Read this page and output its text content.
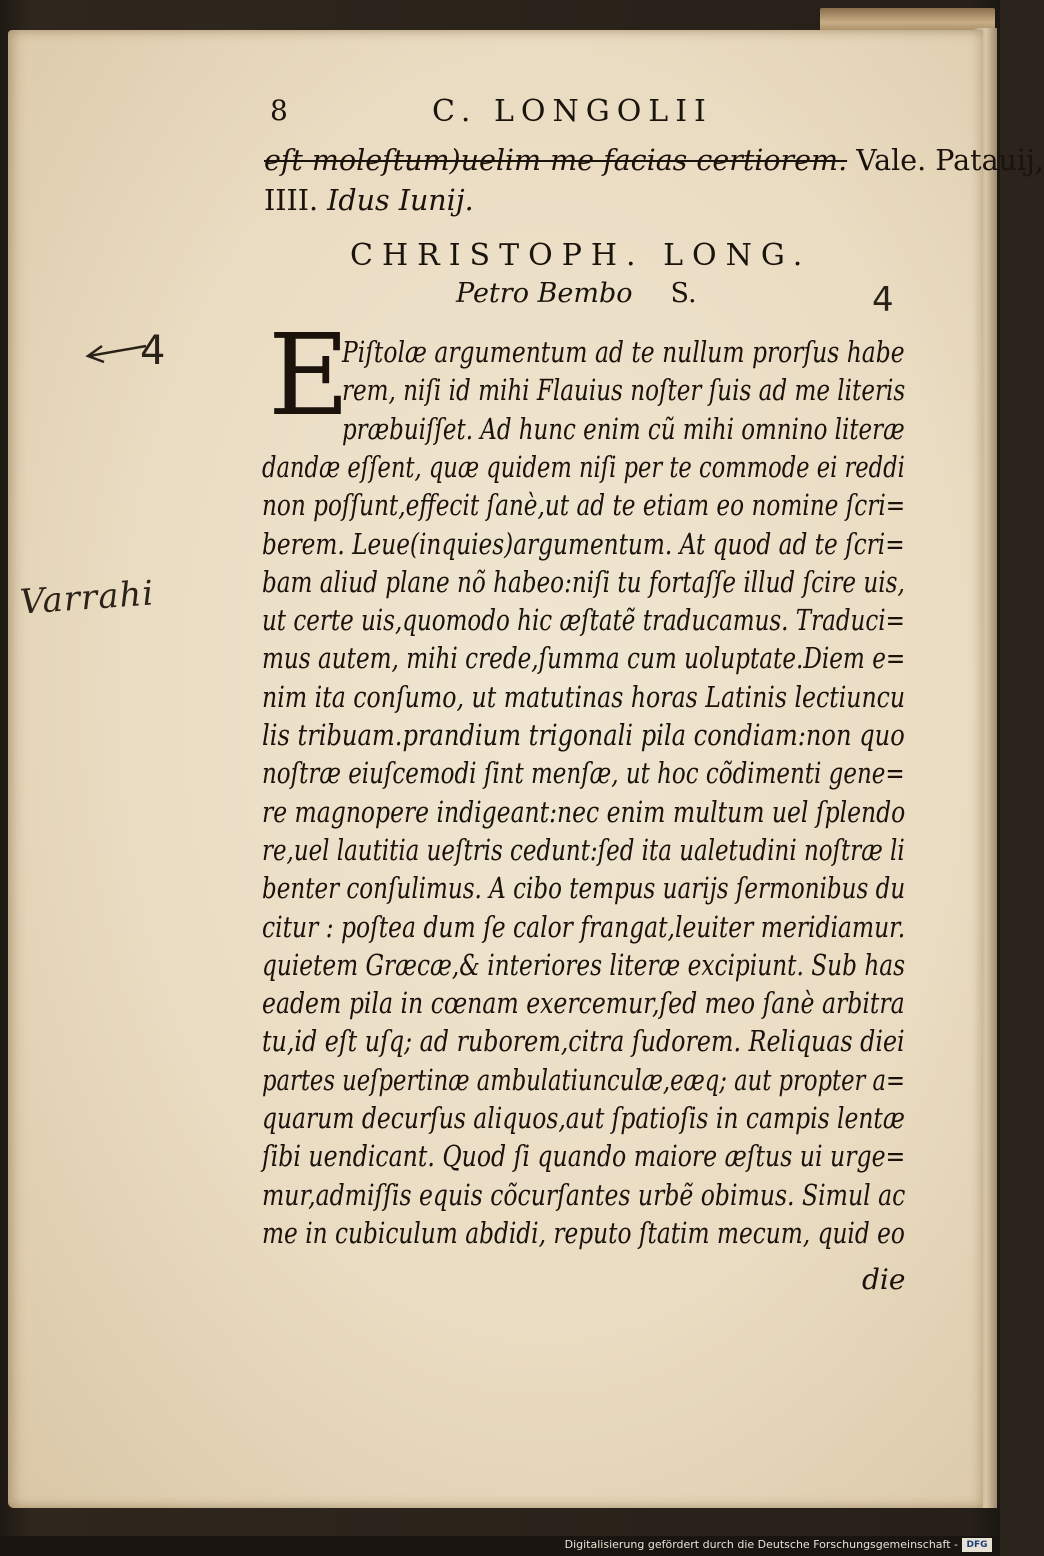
8	C. LONGOLII
eſt moleſtum)uelim me facias certiorem. Vale. Patauij,
IIII. Idus Iunij.
CHRISTOPH. LONG.
Petro Bembo S.	4
4
Varrahi
E
Piſtolæ argumentum ad te nullum prorſus habe
rem, niſi id mihi Flauius noſter ſuis ad me literis
præbuiſſet. Ad hunc enim cũ mihi omnino literæ
dandæ eſſent, quæ quidem niſi per te commode ei reddi
non poſſunt,effecit ſanè,ut ad te etiam eo nomine ſcri=
berem. Leue(inquies)argumentum. At quod ad te ſcri=
bam aliud plane nõ habeo:niſi tu fortaſſe illud ſcire uis,
ut certe uis,quomodo hic æſtatẽ traducamus. Traduci=
mus autem, mihi crede,ſumma cum uoluptate.Diem e=
nim ita conſumo, ut matutinas horas Latinis lectiuncu
lis tribuam.prandium trigonali pila condiam:non quo
noſtræ eiuſcemodi ſint menſæ, ut hoc cõdimenti gene=
re magnopere indigeant:nec enim multum uel ſplendo
re,uel lautitia ueſtris cedunt:ſed ita ualetudini noſtræ li
benter conſulimus. A cibo tempus uarijs ſermonibus du
citur : poſtea dum ſe calor frangat,leuiter meridiamur.
quietem Græcæ,& interiores literæ excipiunt. Sub has
eadem pila in cœnam exercemur,ſed meo ſanè arbitra
tu,id eſt uſq; ad ruborem,citra ſudorem. Reliquas diei
partes ueſpertinæ ambulatiunculæ,eæq; aut propter a=
quarum decurſus aliquos,aut ſpatioſis in campis lentæ
ſibi uendicant. Quod ſi quando maiore æſtus ui urge=
mur,admiſſis equis cõcurſantes urbẽ obimus. Simul ac
me in cubiculum abdidi, reputo ſtatim mecum, quid eo
die
Digitalisierung gefördert durch die Deutsche Forschungsgemeinschaft - DFG
